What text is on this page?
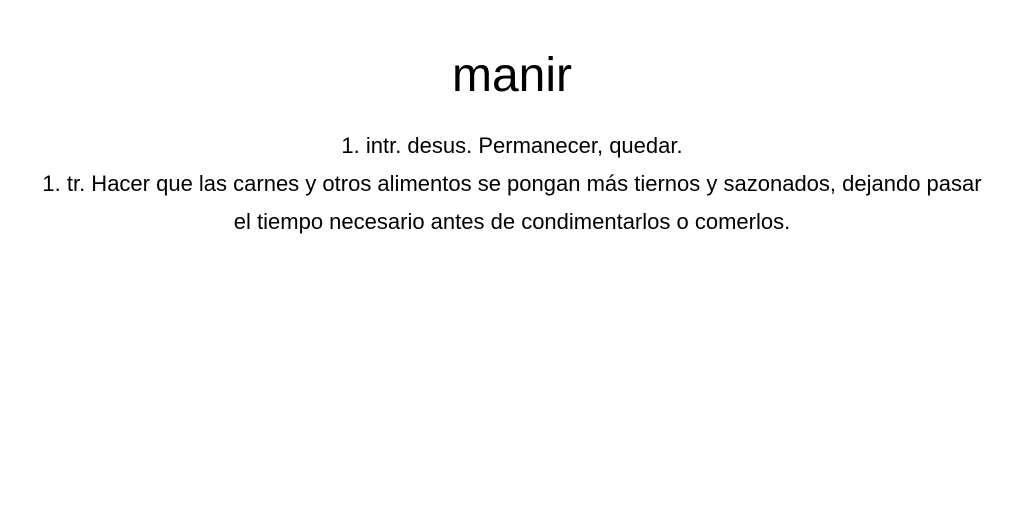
manir

1. intr. desus. Permanecer, quedar.

1. tr. Hacer que las carnes y otros alimentos se pongan más tiernos y sazonados, dejando pasar el tiempo necesario antes de condimentarlos o comerlos.
